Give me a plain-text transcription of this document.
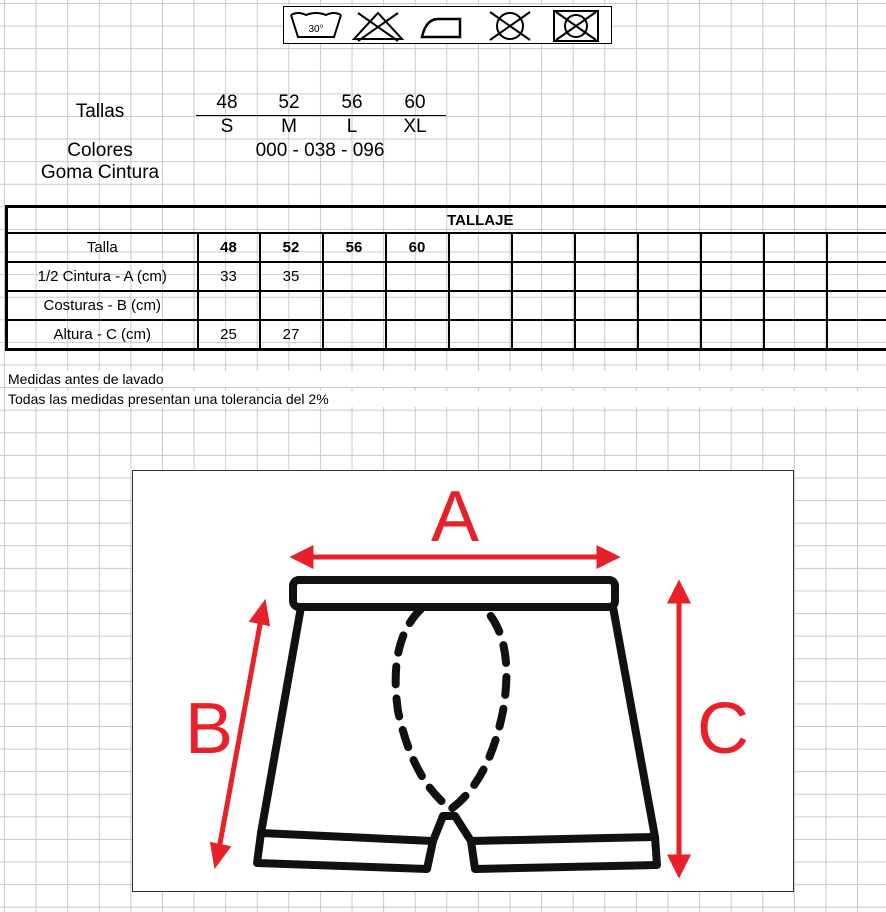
30°
Tallas	48	52	56	60
S	M	L	XL
Colores	000 - 038 - 096
Goma Cintura
TALLAJE												
Talla	48	52	56	60								
1/2 Cintura - A (cm)	33	35										
Costuras - B (cm)												
Altura - C (cm)	25	27										
Medidas antes de lavado
Todas las medidas presentan una tolerancia del 2%
A
B	C
